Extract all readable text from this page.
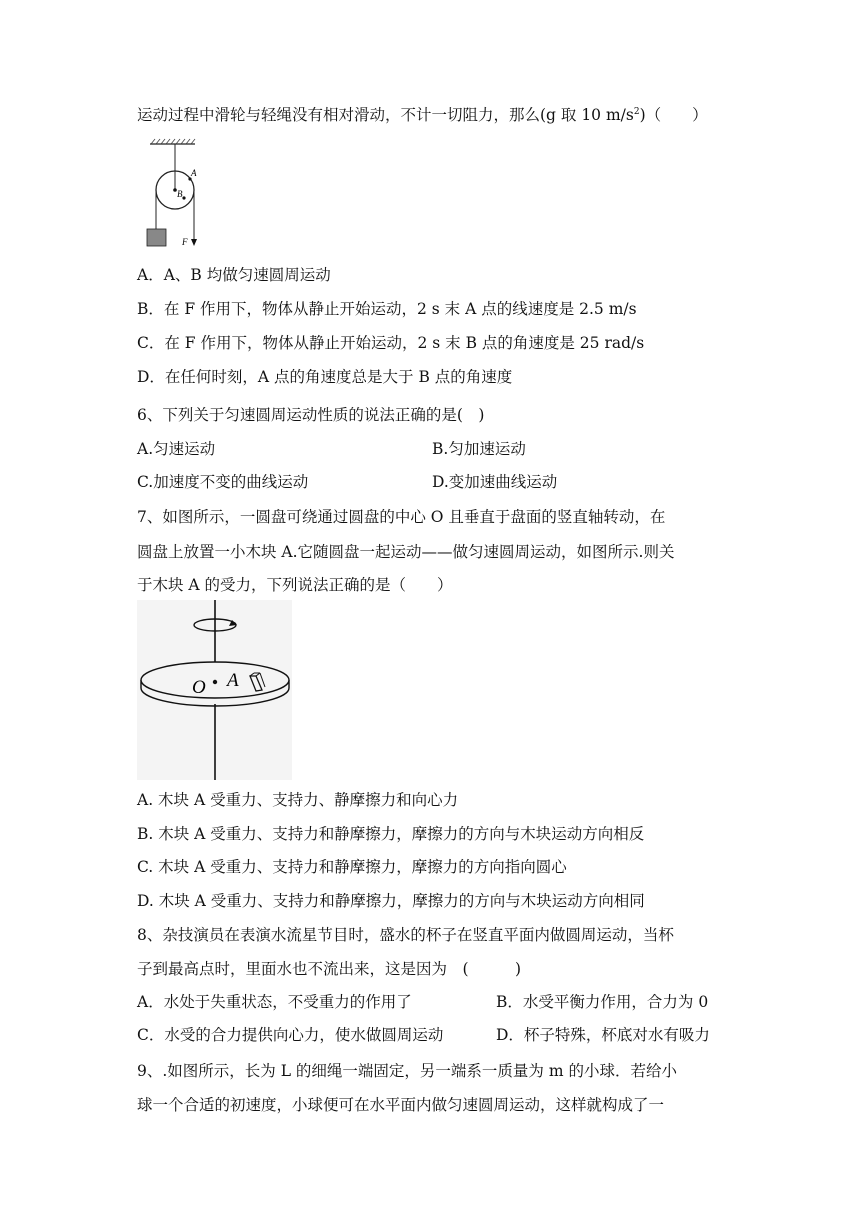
运动过程中滑轮与轻绳没有相对滑动，不计一切阻力，那么(g 取 10 $m/s^2$)（　　）
A
B
F
A．A、B 均做匀速圆周运动
B．在 F 作用下，物体从静止开始运动，2 s 末 A 点的线速度是 2.5 m/s
C．在 F 作用下，物体从静止开始运动，2 s 末 B 点的角速度是 25 rad/s
D．在任何时刻，A 点的角速度总是大于 B 点的角速度
6、下列关于匀速圆周运动性质的说法正确的是(　)
A.匀速运动	B.匀加速运动
C.加速度不变的曲线运动	D.变加速曲线运动
7、如图所示，一圆盘可绕通过圆盘的中心 O 且垂直于盘面的竖直轴转动，在
圆盘上放置一小木块 A.它随圆盘一起运动——做匀速圆周运动，如图所示.则关
于木块 A 的受力，下列说法正确的是（　　）
O A
A. 木块 A 受重力、支持力、静摩擦力和向心力
B. 木块 A 受重力、支持力和静摩擦力，摩擦力的方向与木块运动方向相反
C. 木块 A 受重力、支持力和静摩擦力，摩擦力的方向指向圆心
D. 木块 A 受重力、支持力和静摩擦力，摩擦力的方向与木块运动方向相同
8、杂技演员在表演水流星节目时，盛水的杯子在竖直平面内做圆周运动，当杯
子到最高点时，里面水也不流出来，这是因为　(　　　)
A．水处于失重状态，不受重力的作用了	B．水受平衡力作用，合力为 0
C．水受的合力提供向心力，使水做圆周运动	D．杯子特殊，杯底对水有吸力
9、.如图所示，长为 L 的细绳一端固定，另一端系一质量为 m 的小球．若给小
球一个合适的初速度，小球便可在水平面内做匀速圆周运动，这样就构成了一
